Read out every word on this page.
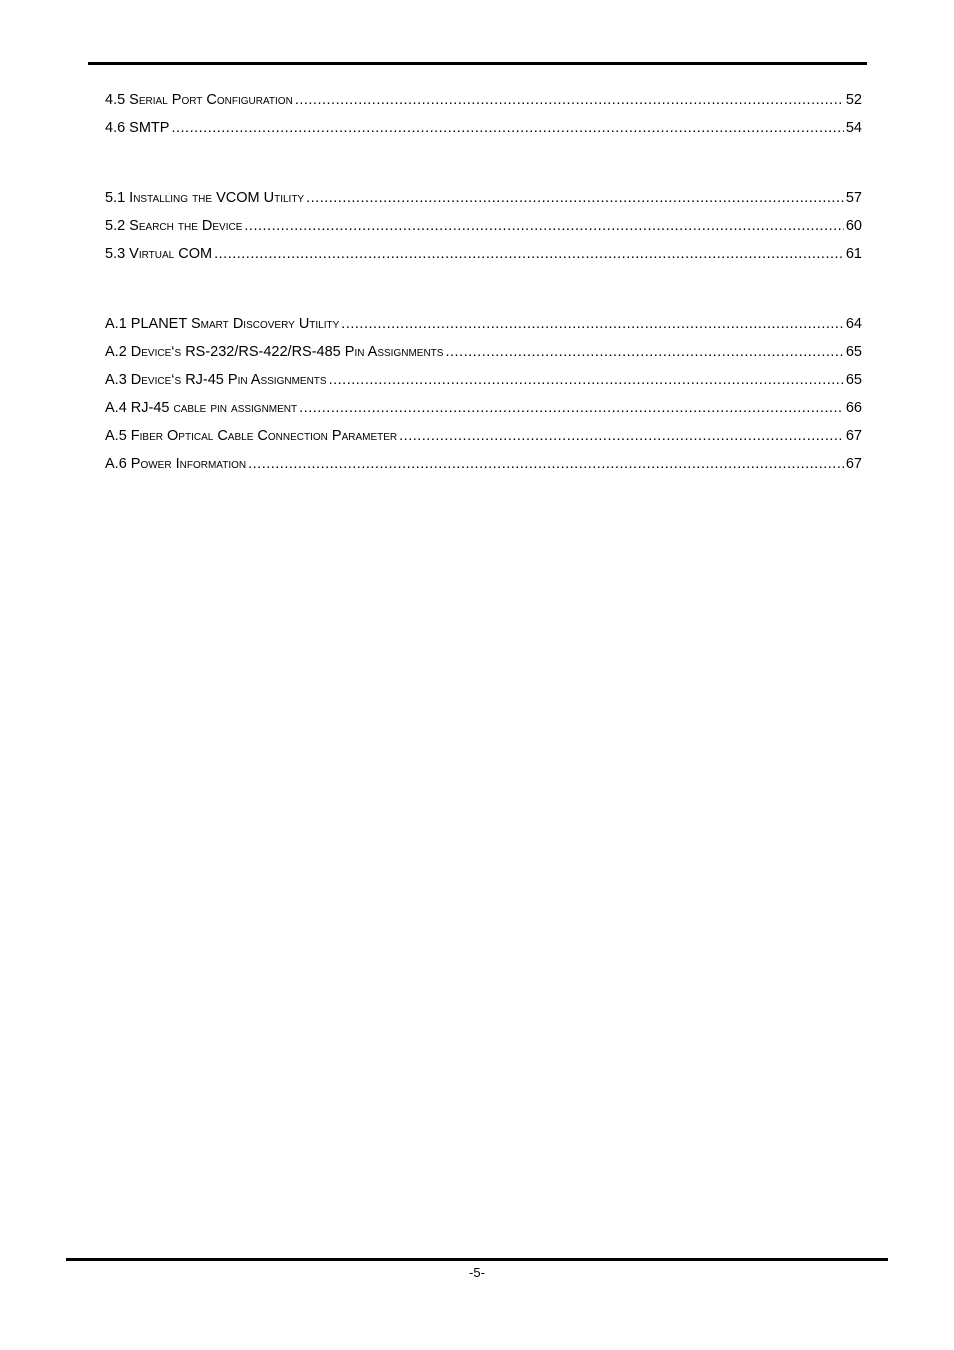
4.5 Serial Port Configuration .....	52
4.6 SMTP .....	54
5.1 Installing the VCOM Utility .....	57
5.2 Search the Device .....	60
5.3 Virtual COM .....	61
A.1 PLANET Smart Discovery Utility .....	64
A.2 Device‘s RS-232/RS-422/RS-485 Pin Assignments .....	65
A.3 Device‘s RJ-45 Pin Assignments .....	65
A.4 RJ-45 cable pin assignment .....	66
A.5 Fiber Optical Cable Connection Parameter .....	67
A.6 Power Information .....	67
-5-
